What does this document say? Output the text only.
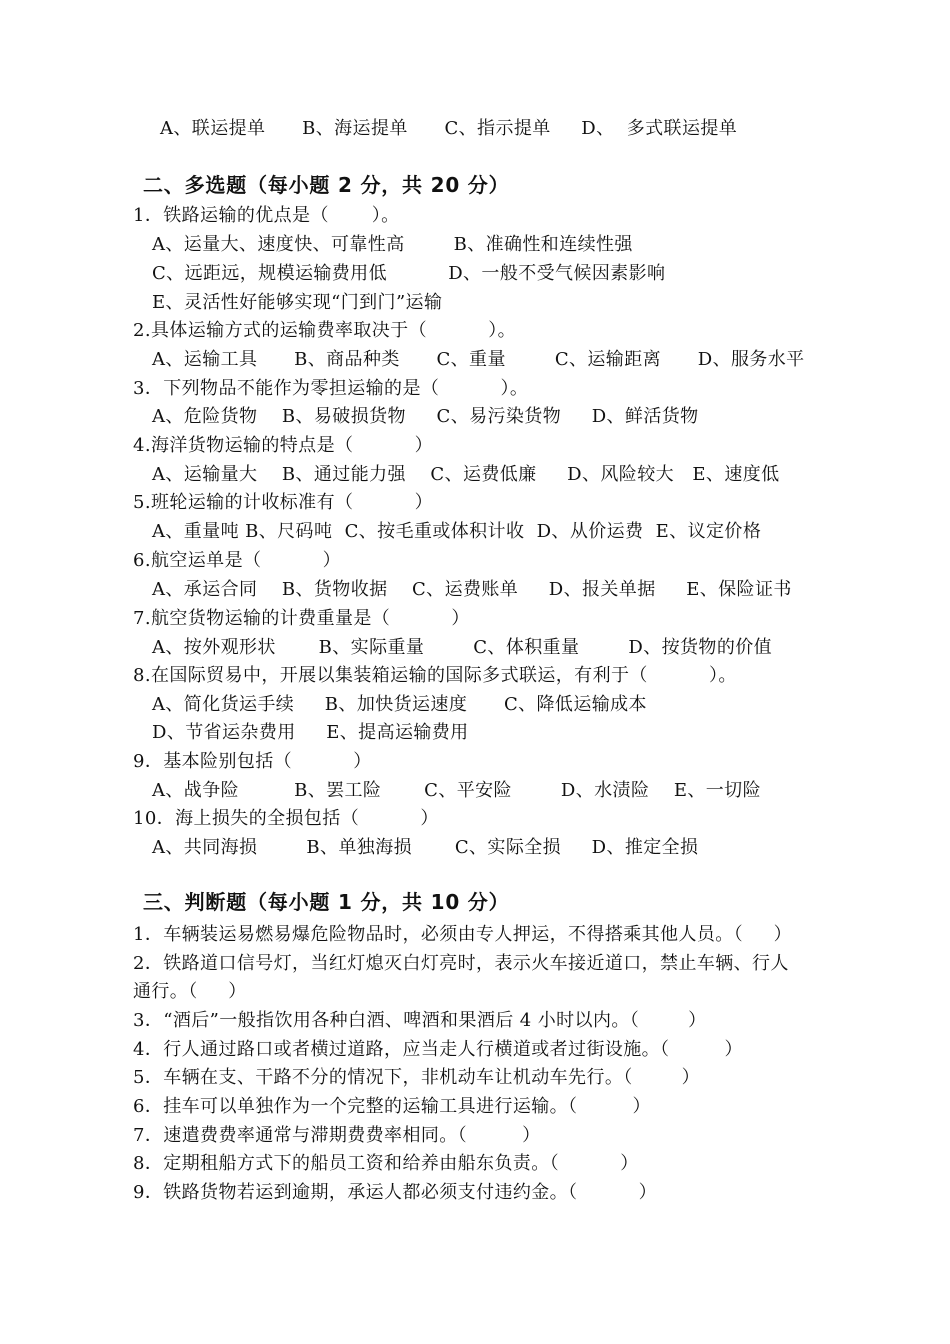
A、联运提单      B、海运提单      C、指示提单     D、  多式联运提单
二、多选题（每小题 2 分，共 20 分）
1．铁路运输的优点是（       ）。
A、运量大、速度快、可靠性高        B、准确性和连续性强
C、远距远，规模运输费用低          D、一般不受气候因素影响
E、灵活性好能够实现“门到门”运输
2.具体运输方式的运输费率取决于（          ）。
A、运输工具      B、商品种类      C、重量        C、运输距离      D、服务水平
3．下列物品不能作为零担运输的是（          ）。
A、危险货物    B、易破损货物     C、易污染货物     D、鲜活货物
4.海洋货物运输的特点是（          ）
A、运输量大    B、通过能力强    C、运费低廉     D、风险较大   E、速度低
5.班轮运输的计收标准有（          ）
A、重量吨 B、尺码吨  C、按毛重或体积计收  D、从价运费  E、议定价格
6.航空运单是（          ）
A、承运合同    B、货物收据    C、运费账单     D、报关单据     E、保险证书
7.航空货物运输的计费重量是（          ）
A、按外观形状       B、实际重量        C、体积重量        D、按货物的价值
8.在国际贸易中，开展以集装箱运输的国际多式联运，有利于（          ）。
A、简化货运手续     B、加快货运速度      C、降低运输成本
D、节省运杂费用     E、提高运输费用
9．基本险别包括（          ）
A、战争险         B、罢工险       C、平安险        D、水渍险    E、一切险
10．海上损失的全损包括（          ）
A、共同海损        B、单独海损       C、实际全损     D、推定全损
三、判断题（每小题 1 分，共 10 分）
1．车辆装运易燃易爆危险物品时，必须由专人押运，不得搭乘其他人员。（     ）
2．铁路道口信号灯，当红灯熄灭白灯亮时，表示火车接近道口，禁止车辆、行人
通行。（     ）
3．“酒后”一般指饮用各种白酒、啤酒和果酒后 4 小时以内。（        ）
4．行人通过路口或者横过道路，应当走人行横道或者过街设施。（         ）
5．车辆在支、干路不分的情况下，非机动车让机动车先行。（        ）
6．挂车可以单独作为一个完整的运输工具进行运输。（         ）
7．速遣费费率通常与滞期费费率相同。（         ）
8．定期租船方式下的船员工资和给养由船东负责。（          ）
9．铁路货物若运到逾期，承运人都必须支付违约金。（          ）
